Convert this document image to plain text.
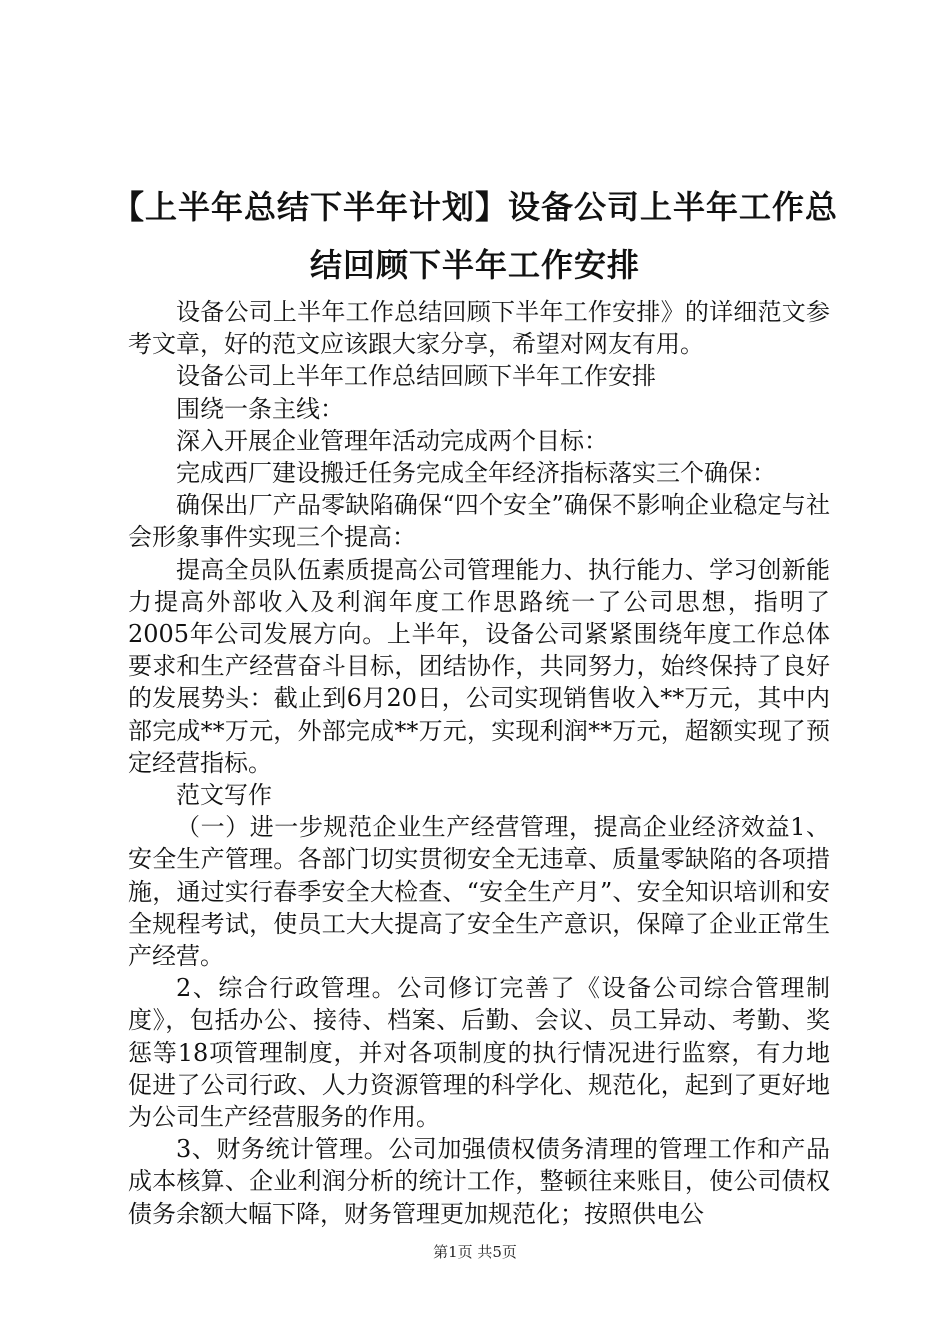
【上半年总结下半年计划】设备公司上半年工作总结回顾下半年工作安排

设备公司上半年工作总结回顾下半年工作安排》的详细范文参考文章，好的范文应该跟大家分享，希望对网友有用。

设备公司上半年工作总结回顾下半年工作安排

围绕一条主线：

深入开展企业管理年活动完成两个目标：

完成西厂建设搬迁任务完成全年经济指标落实三个确保：

确保出厂产品零缺陷确保“四个安全”确保不影响企业稳定与社会形象事件实现三个提高：

提高全员队伍素质提高公司管理能力、执行能力、学习创新能力提高外部收入及利润年度工作思路统一了公司思想，指明了2005年公司发展方向。上半年，设备公司紧紧围绕年度工作总体要求和生产经营奋斗目标，团结协作，共同努力，始终保持了良好的发展势头：截止到6月20日，公司实现销售收入**万元，其中内部完成**万元，外部完成**万元，实现利润**万元，超额实现了预定经营指标。

范文写作

（一）进一步规范企业生产经营管理，提高企业经济效益1、安全生产管理。各部门切实贯彻安全无违章、质量零缺陷的各项措施，通过实行春季安全大检查、“安全生产月”、安全知识培训和安全规程考试，使员工大大提高了安全生产意识，保障了企业正常生产经营。

2、综合行政管理。公司修订完善了《设备公司综合管理制度》，包括办公、接待、档案、后勤、会议、员工异动、考勤、奖惩等18项管理制度，并对各项制度的执行情况进行监察，有力地促进了公司行政、人力资源管理的科学化、规范化，起到了更好地为公司生产经营服务的作用。

3、财务统计管理。公司加强债权债务清理的管理工作和产品成本核算、企业利润分析的统计工作，整顿往来账目，使公司债权债务余额大幅下降，财务管理更加规范化；按照供电公

第1页 共5页
